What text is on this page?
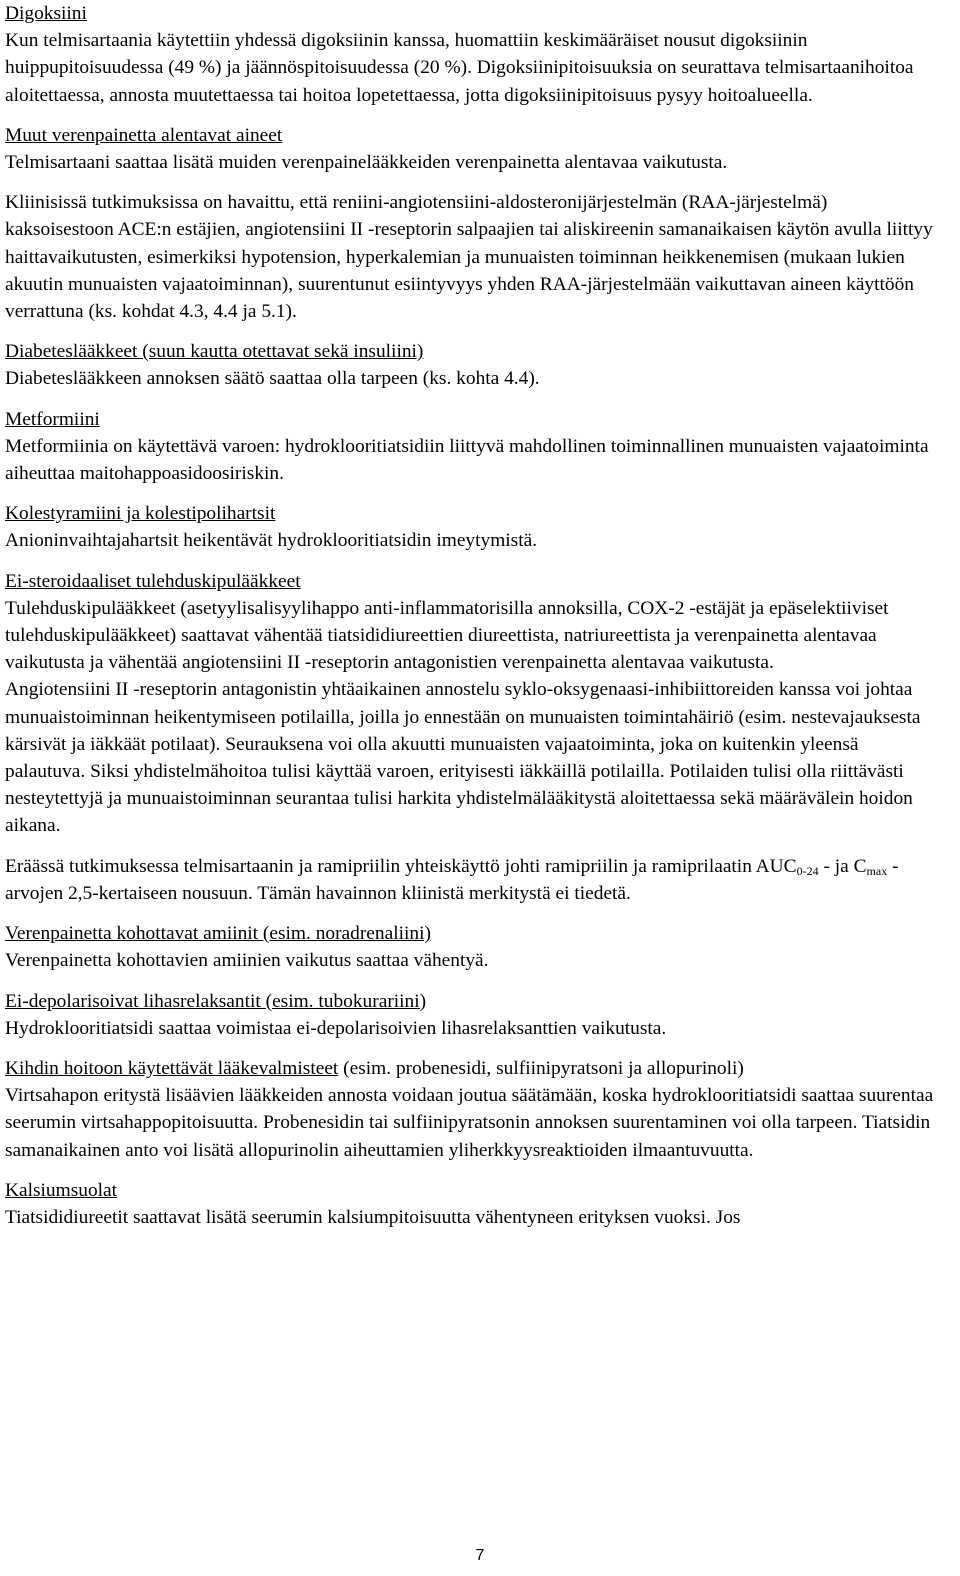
Digoksiini

Kun telmisartaania käytettiin yhdessä digoksiinin kanssa, huomattiin keskimääräiset nousut digoksiinin huippupitoisuudessa (49 %) ja jäännöspitoisuudessa (20 %). Digoksiinipitoisuuksia on seurattava telmisartaanihoitoa aloitettaessa, annosta muutettaessa tai hoitoa lopetettaessa, jotta digoksiinipitoisuus pysyy hoitoalueella.

Muut verenpainetta alentavat aineet

Telmisartaani saattaa lisätä muiden verenpainelääkkeiden verenpainetta alentavaa vaikutusta.

Kliinisissä tutkimuksissa on havaittu, että reniini-angiotensiini-aldosteronijärjestelmän (RAA-järjestelmä) kaksoisestoon ACE:n estäjien, angiotensiini II -reseptorin salpaajien tai aliskireenin samanaikaisen käytön avulla liittyy haittavaikutusten, esimerkiksi hypotension, hyperkalemian ja munuaisten toiminnan heikkenemisen (mukaan lukien akuutin munuaisten vajaatoiminnan), suurentunut esiintyvyys yhden RAA-järjestelmään vaikuttavan aineen käyttöön verrattuna (ks. kohdat 4.3, 4.4 ja 5.1).

Diabeteslääkkeet (suun kautta otettavat sekä insuliini)

Diabeteslääkkeen annoksen säätö saattaa olla tarpeen (ks. kohta 4.4).

Metformiini

Metformiinia on käytettävä varoen: hydroklooritiatsidiin liittyvä mahdollinen toiminnallinen munuaisten vajaatoiminta aiheuttaa maitohappoasidoosiriskin.

Kolestyramiini ja kolestipolihartsit

Anioninvaihtajahartsit heikentävät hydroklooritiatsidin imeytymistä.

Ei-steroidaaliset tulehduskipulääkkeet

Tulehduskipulääkkeet (asetyylisalisyylihappo anti-inflammatorisilla annoksilla, COX-2 -estäjät ja epäselektiiviset tulehduskipulääkkeet) saattavat vähentää tiatsididiureettien diureettista, natriureettista ja verenpainetta alentavaa vaikutusta ja vähentää angiotensiini II -reseptorin antagonistien verenpainetta alentavaa vaikutusta.

Angiotensiini II -reseptorin antagonistin yhtäaikainen annostelu syklo-oksygenaasi-inhibiittoreiden kanssa voi johtaa munuaistoiminnan heikentymiseen potilailla, joilla jo ennestään on munuaisten toimintahäiriö (esim. nestevajauksesta kärsivät ja iäkkäät potilaat). Seurauksena voi olla akuutti munuaisten vajaatoiminta, joka on kuitenkin yleensä palautuva. Siksi yhdistelmähoitoa tulisi käyttää varoen, erityisesti iäkkäillä potilailla. Potilaiden tulisi olla riittävästi nesteytettyjä ja munuaistoiminnan seurantaa tulisi harkita yhdistelmälääkitystä aloitettaessa sekä määrävälein hoidon aikana.

Eräässä tutkimuksessa telmisartaanin ja ramipriilin yhteiskäyttö johti ramipriilin ja ramiprilaatin $AUC_{0-24}$ - ja $C_{max}$ -arvojen 2,5-kertaiseen nousuun. Tämän havainnon kliinistä merkitystä ei tiedetä.

Verenpainetta kohottavat amiinit (esim. noradrenaliini)

Verenpainetta kohottavien amiinien vaikutus saattaa vähentyä.

Ei-depolarisoivat lihasrelaksantit (esim. tubokurariini)

Hydroklooritiatsidi saattaa voimistaa ei-depolarisoivien lihasrelaksanttien vaikutusta.

Kihdin hoitoon käytettävät lääkevalmisteet (esim. probenesidi, sulfiinipyratsoni ja allopurinoli)

Virtsahapon eritystä lisäävien lääkkeiden annosta voidaan joutua säätämään, koska hydroklooritiatsidi saattaa suurentaa seerumin virtsahappopitoisuutta. Probenesidin tai sulfiinipyratsonin annoksen suurentaminen voi olla tarpeen. Tiatsidin samanaikainen anto voi lisätä allopurinolin aiheuttamien yliherkkyysreaktioiden ilmaantuvuutta.

Kalsiumsuolat

Tiatsididiureetit saattavat lisätä seerumin kalsiumpitoisuutta vähentyneen erityksen vuoksi. Jos

7
